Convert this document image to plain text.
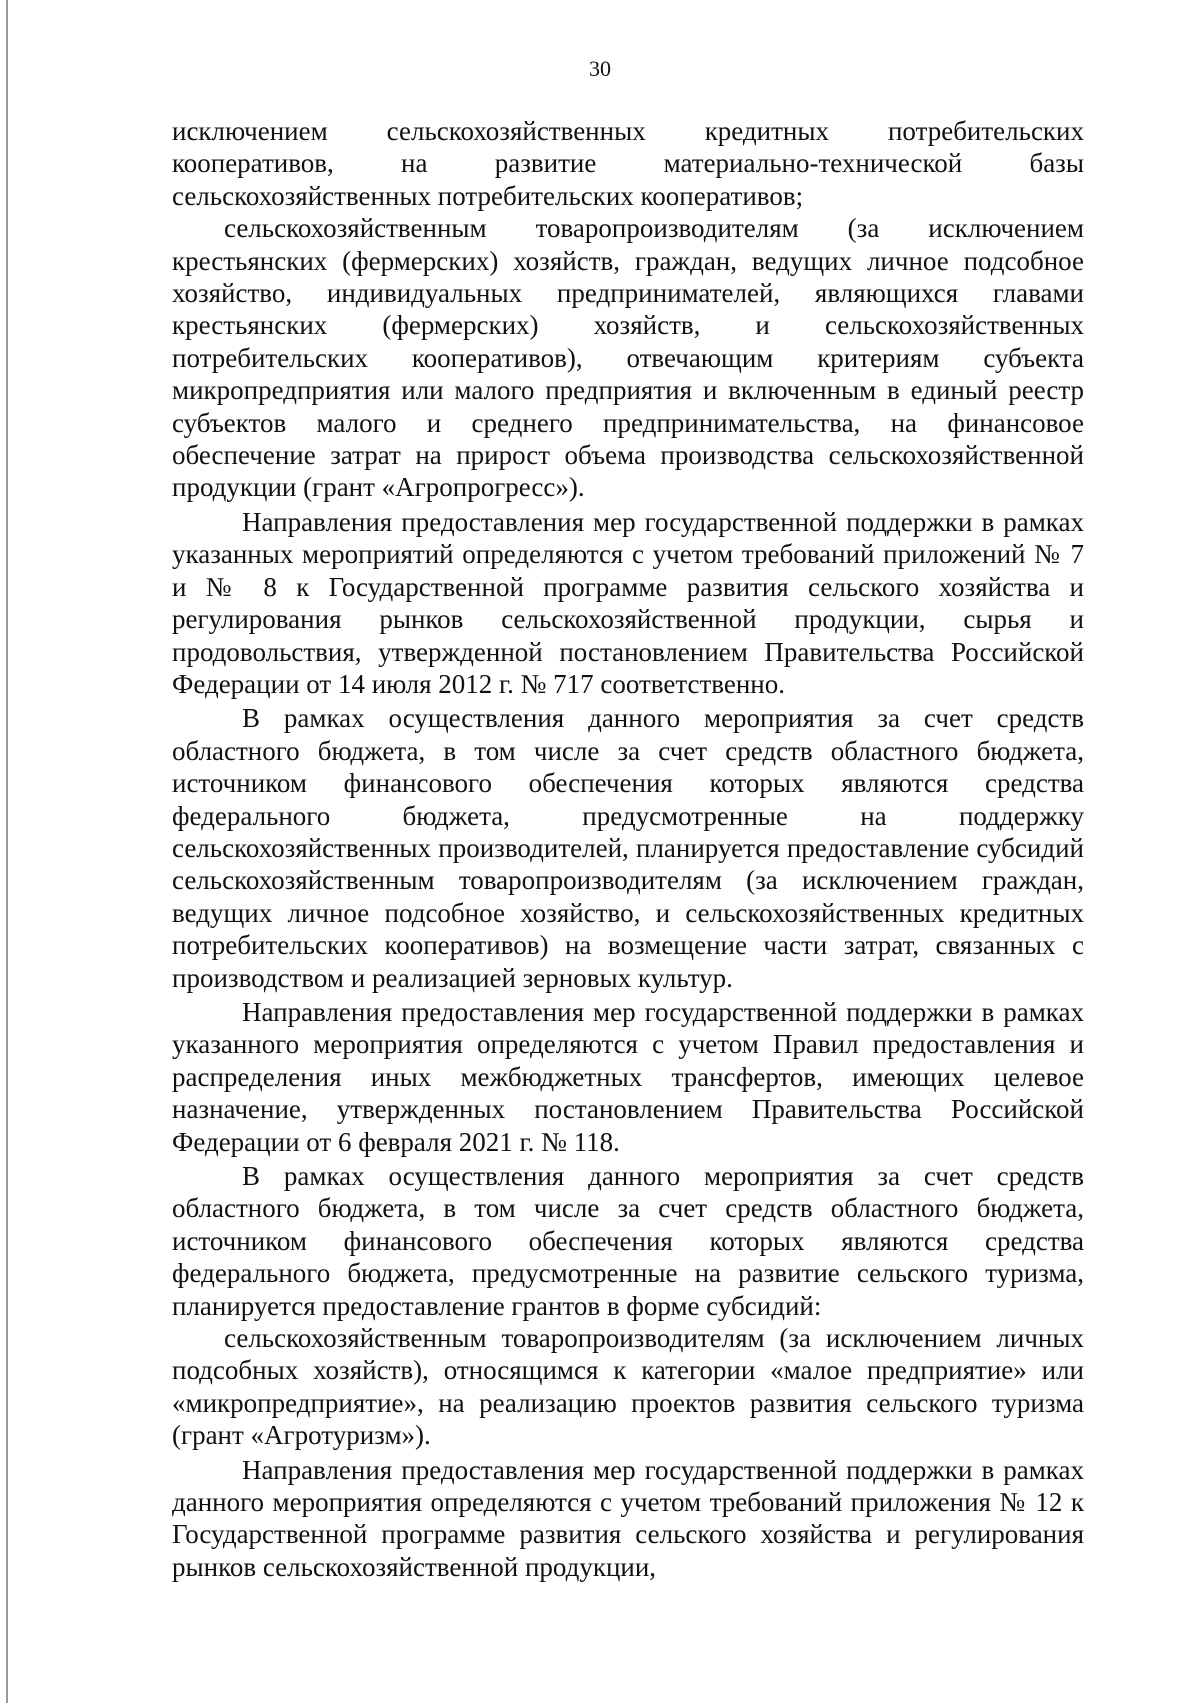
30

исключением сельскохозяйственных кредитных потребительских кооперативов, на развитие материально-технической базы сельскохозяйственных потребительских кооперативов;

сельскохозяйственным товаропроизводителям (за исключением крестьянских (фермерских) хозяйств, граждан, ведущих личное подсобное хозяйство, индивидуальных предпринимателей, являющихся главами крестьянских (фермерских) хозяйств, и сельскохозяйственных потребительских кооперативов), отвечающим критериям субъекта микропредприятия или малого предприятия и включенным в единый реестр субъектов малого и среднего предпринимательства, на финансовое обеспечение затрат на прирост объема производства сельскохозяйственной продукции (грант «Агропрогресс»).

Направления предоставления мер государственной поддержки в рамках указанных мероприятий определяются с учетом требований приложений № 7 и № 8 к Государственной программе развития сельского хозяйства и регулирования рынков сельскохозяйственной продукции, сырья и продовольствия, утвержденной постановлением Правительства Российской Федерации от 14 июля 2012 г. № 717 соответственно.

В рамках осуществления данного мероприятия за счет средств областного бюджета, в том числе за счет средств областного бюджета, источником финансового обеспечения которых являются средства федерального бюджета, предусмотренные на поддержку сельскохозяйственных производителей, планируется предоставление субсидий сельскохозяйственным товаропроизводителям (за исключением граждан, ведущих личное подсобное хозяйство, и сельскохозяйственных кредитных потребительских кооперативов) на возмещение части затрат, связанных с производством и реализацией зерновых культур.

Направления предоставления мер государственной поддержки в рамках указанного мероприятия определяются с учетом Правил предоставления и распределения иных межбюджетных трансфертов, имеющих целевое назначение, утвержденных постановлением Правительства Российской Федерации от 6 февраля 2021 г. № 118.

В рамках осуществления данного мероприятия за счет средств областного бюджета, в том числе за счет средств областного бюджета, источником финансового обеспечения которых являются средства федерального бюджета, предусмотренные на развитие сельского туризма, планируется предоставление грантов в форме субсидий:

сельскохозяйственным товаропроизводителям (за исключением личных подсобных хозяйств), относящимся к категории «малое предприятие» или «микропредприятие», на реализацию проектов развития сельского туризма (грант «Агротуризм»).

Направления предоставления мер государственной поддержки в рамках данного мероприятия определяются с учетом требований приложения № 12 к Государственной программе развития сельского хозяйства и регулирования рынков сельскохозяйственной продукции,
